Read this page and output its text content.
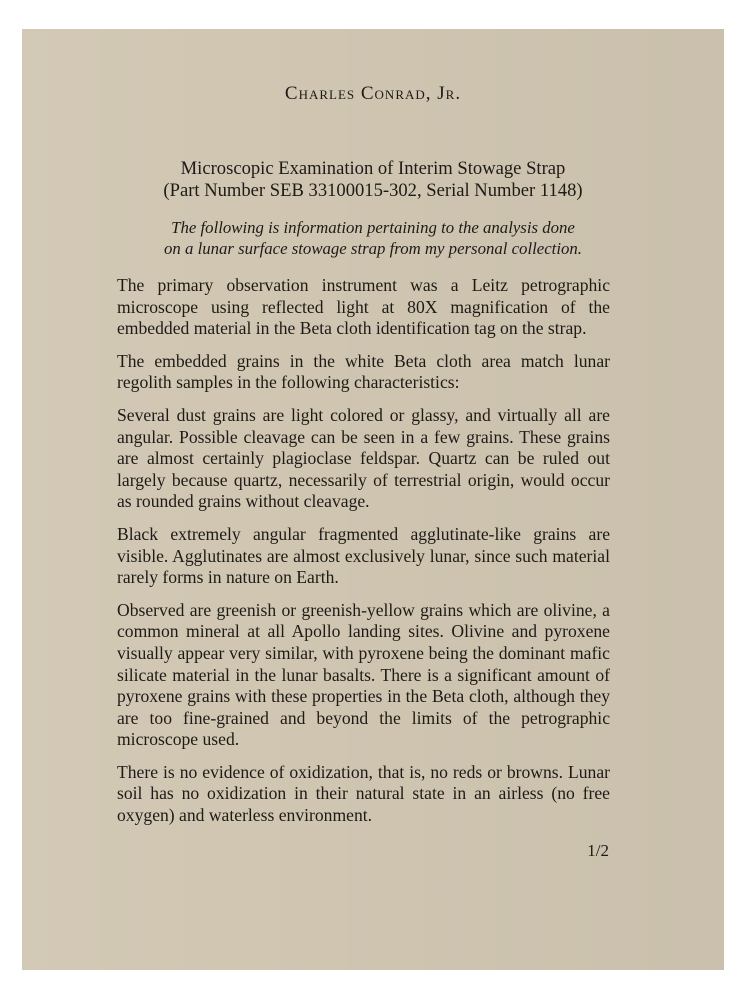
Charles Conrad, Jr.
Microscopic Examination of Interim Stowage Strap
(Part Number SEB 33100015-302, Serial Number 1148)
The following is information pertaining to the analysis done
on a lunar surface stowage strap from my personal collection.

The primary observation instrument was a Leitz petrographic microscope using reflected light at 80X magnification of the embedded material in the Beta cloth identification tag on the strap.

The embedded grains in the white Beta cloth area match lunar regolith samples in the following characteristics:

Several dust grains are light colored or glassy, and virtually all are angular. Possible cleavage can be seen in a few grains. These grains are almost certainly plagioclase feldspar. Quartz can be ruled out largely because quartz, necessarily of terrestrial origin, would occur as rounded grains without cleavage.

Black extremely angular fragmented agglutinate-like grains are visible. Agglutinates are almost exclusively lunar, since such material rarely forms in nature on Earth.

Observed are greenish or greenish-yellow grains which are olivine, a common mineral at all Apollo landing sites. Olivine and pyroxene visually appear very similar, with pyroxene being the dominant mafic silicate material in the lunar basalts. There is a significant amount of pyroxene grains with these properties in the Beta cloth, although they are too fine-grained and beyond the limits of the petrographic microscope used.

There is no evidence of oxidization, that is, no reds or browns. Lunar soil has no oxidization in their natural state in an airless (no free oxygen) and waterless environment.

1/2
